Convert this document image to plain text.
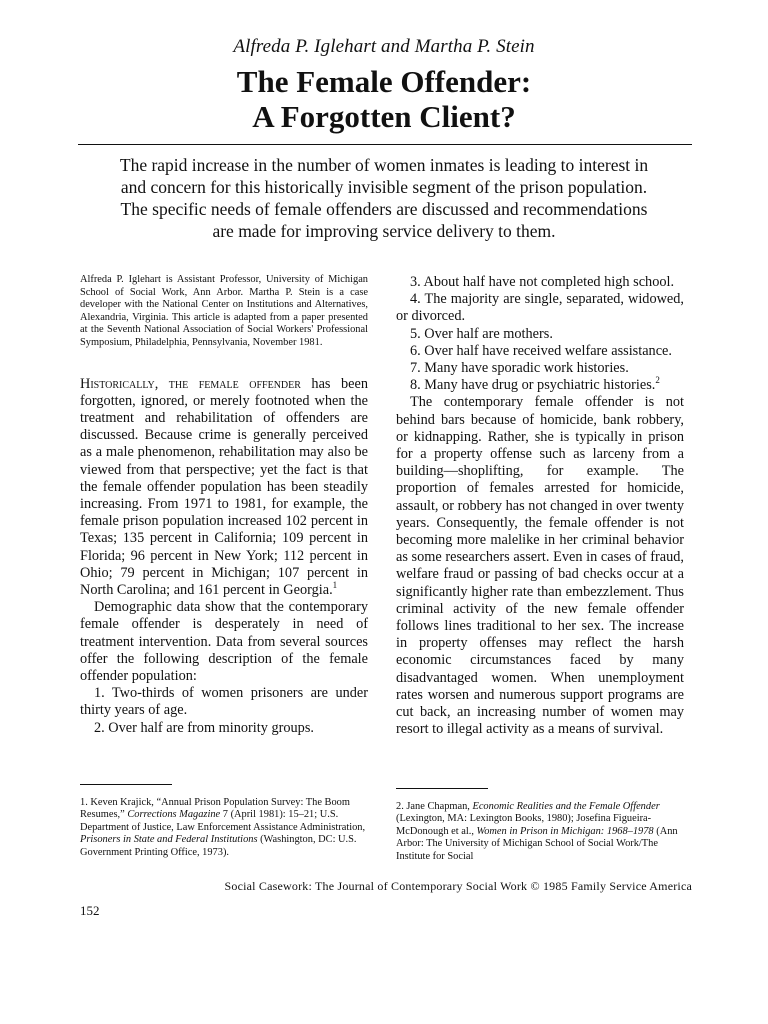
Alfreda P. Iglehart and Martha P. Stein
The Female Offender:
A Forgotten Client?
The rapid increase in the number of women inmates is leading to interest in and concern for this historically invisible segment of the prison population. The specific needs of female offenders are discussed and recommendations are made for improving service delivery to them.

Alfreda P. Iglehart is Assistant Professor, University of Michigan School of Social Work, Ann Arbor. Martha P. Stein is a case developer with the National Center on Institutions and Alternatives, Alexandria, Virginia. This article is adapted from a paper presented at the Seventh National Association of Social Workers' Professional Symposium, Philadelphia, Pennsylvania, November 1981.

Historically, the female offender has been forgotten, ignored, or merely footnoted when the treatment and rehabilitation of offenders are discussed. Because crime is generally perceived as a male phenomenon, rehabilitation may also be viewed from that perspective; yet the fact is that the female offender population has been steadily increasing. From 1971 to 1981, for example, the female prison population increased 102 percent in Texas; 135 percent in California; 109 percent in Florida; 96 percent in New York; 112 percent in Ohio; 79 percent in Michigan; 107 percent in North Carolina; and 161 percent in Georgia.$^1$

Demographic data show that the contemporary female offender is desperately in need of treatment intervention. Data from several sources offer the following description of the female offender population:

1. Two-thirds of women prisoners are under thirty years of age.

2. Over half are from minority groups.

1. Keven Krajick, “Annual Prison Population Survey: The Boom Resumes,” Corrections Magazine 7 (April 1981): 15–21; U.S. Department of Justice, Law Enforcement Assistance Administration, Prisoners in State and Federal Institutions (Washington, DC: U.S. Government Printing Office, 1973).

3. About half have not completed high school.

4. The majority are single, separated, widowed, or divorced.

5. Over half are mothers.

6. Over half have received welfare assistance.

7. Many have sporadic work histories.

8. Many have drug or psychiatric histories.$^2$

The contemporary female offender is not behind bars because of homicide, bank robbery, or kidnapping. Rather, she is typically in prison for a property offense such as larceny from a building—shoplifting, for example. The proportion of females arrested for homicide, assault, or robbery has not changed in over twenty years. Consequently, the female offender is not becoming more malelike in her criminal behavior as some researchers assert. Even in cases of fraud, welfare fraud or passing of bad checks occur at a significantly higher rate than embezzlement. Thus criminal activity of the new female offender follows lines traditional to her sex. The increase in property offenses may reflect the harsh economic circumstances faced by many disadvantaged women. When unemployment rates worsen and numerous support programs are cut back, an increasing number of women may resort to illegal activity as a means of survival.

2. Jane Chapman, Economic Realities and the Female Offender (Lexington, MA: Lexington Books, 1980); Josefina Figueira-McDonough et al., Women in Prison in Michigan: 1968–1978 (Ann Arbor: The University of Michigan School of Social Work/The Institute for Social

Social Casework: The Journal of Contemporary Social Work © 1985 Family Service America
152
